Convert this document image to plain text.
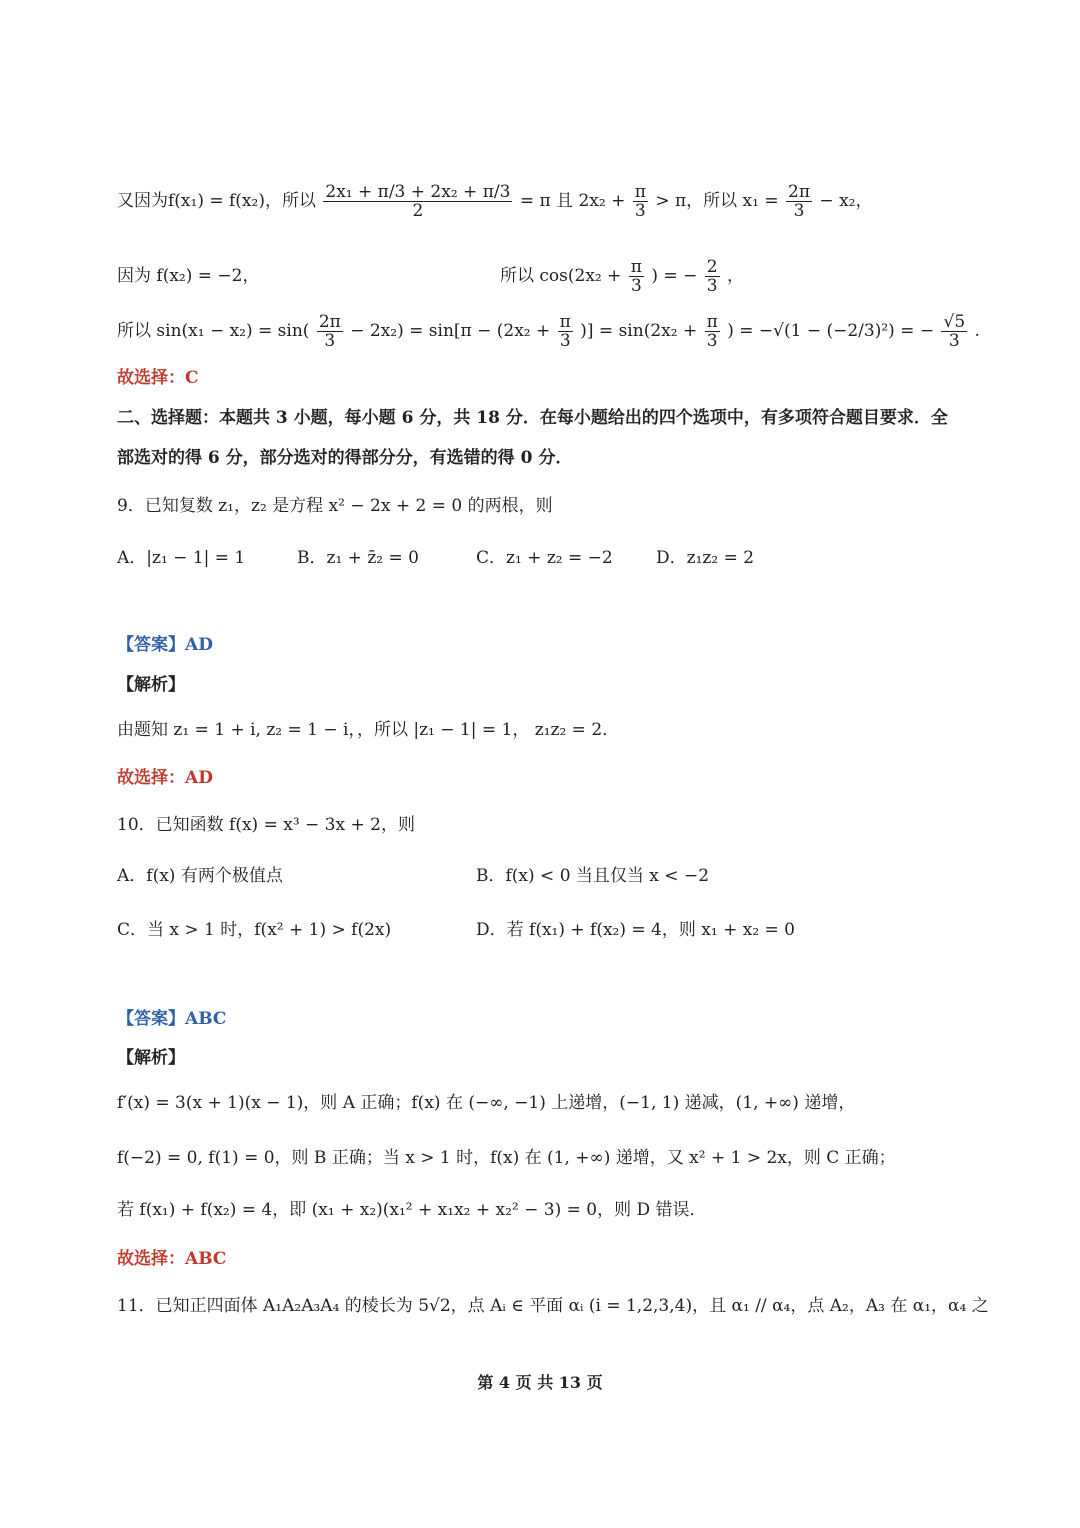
又因为f(x₁) = f(x₂)，所以 $\frac{\text{2x₁ + π/3 + 2x₂ + π/3}}{2} = \pi$ 且 $2x_2 + \frac{\pi}{3} > \pi$，所以 $x_1 = \frac{2\pi}{3} - x_2$，
因为 f(x₂) = −2，	所以 $\cos(2x_2 + \frac{\pi}{3}$ ) = − $\frac{2}{3}$ ，
所以 $\sin(x_1 - x_2) = \sin( \frac{2\pi}{3} - 2x_2) = \sin[\pi - (2x_2 + \frac{\pi}{3}$ )] = $\sin(2x_2 + \frac{\pi}{3}$ ) = −√(1 − (−2/3)²) = − $\frac{√5}{3}$ .
故选择：C
二、选择题：本题共 3 小题，每小题 6 分，共 18 分．在每小题给出的四个选项中，有多项符合题目要求．全
部选对的得 6 分，部分选对的得部分分，有选错的得 0 分．
9．已知复数 z₁，z₂ 是方程 x² − 2x + 2 = 0 的两根，则
A．|z₁ − 1| = 1	B．z₁ + z̄₂ = 0	C．z₁ + z₂ = −2	D．z₁z₂ = 2
【答案】AD
【解析】
由题知 z₁ = 1 + i, z₂ = 1 − i，，所以 |z₁ − 1| = 1， z₁z₂ = 2．
故选择：AD
10．已知函数 f(x) = x³ − 3x + 2，则
A．f(x) 有两个极值点	B．f(x) < 0 当且仅当 x < −2
C．当 x > 1 时，f(x² + 1) > f(2x)	D．若 f(x₁) + f(x₂) = 4，则 x₁ + x₂ = 0
【答案】ABC
【解析】
f′(x) = 3(x + 1)(x − 1)，则 A 正确；f(x) 在 (−∞, −1) 上递增，(−1, 1) 递减，(1, +∞) 递增，
f(−2) = 0, f(1) = 0，则 B 正确；当 x > 1 时，f(x) 在 (1, +∞) 递增，又 x² + 1 > 2x，则 C 正确；
若 f(x₁) + f(x₂) = 4，即 (x₁ + x₂)(x₁² + x₁x₂ + x₂² − 3) = 0，则 D 错误．
故选择：ABC
11．已知正四面体 A₁A₂A₃A₄ 的棱长为 5√2，点 Aᵢ ∈ 平面 αᵢ (i = 1,2,3,4)，且 α₁ // α₄，点 A₂，A₃ 在 α₁，α₄ 之
第 4 页 共 13 页
